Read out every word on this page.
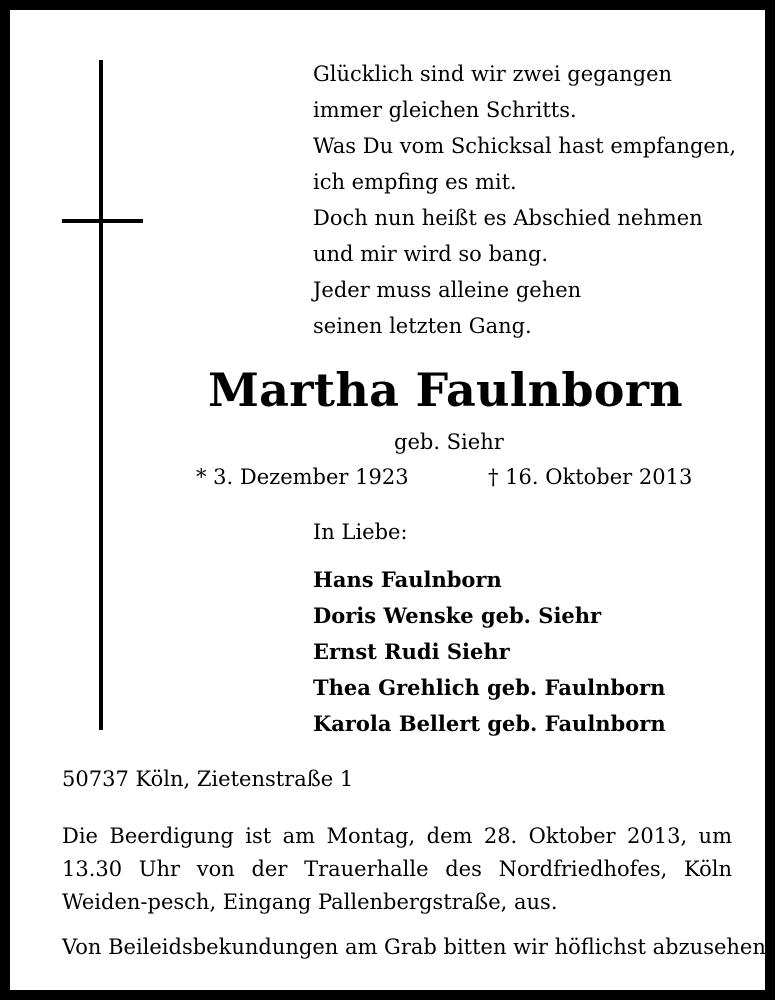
Glücklich sind wir zwei gegangen
immer gleichen Schritts.
Was Du vom Schicksal hast empfangen,
ich empfing es mit.
Doch nun heißt es Abschied nehmen
und mir wird so bang.
Jeder muss alleine gehen
seinen letzten Gang.
Martha Faulnborn
geb. Siehr
* 3. Dezember 1923	† 16. Oktober 2013
In Liebe:
Hans Faulnborn
Doris Wenske geb. Siehr
Ernst Rudi Siehr
Thea Grehlich geb. Faulnborn
Karola Bellert geb. Faulnborn
50737 Köln, Zietenstraße 1
Die Beerdigung ist am Montag, dem 28. Oktober 2013, um 13.30 Uhr von der Trauerhalle des Nordfriedhofes, Köln Weiden-pesch, Eingang Pallenbergstraße, aus.
Von Beileidsbekundungen am Grab bitten wir höflichst abzusehen.
